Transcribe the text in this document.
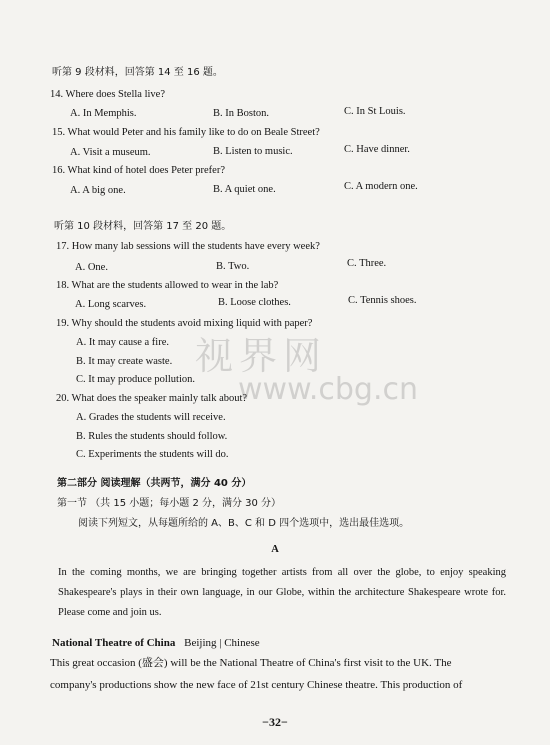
听第 9 段材料，回答第 14 至 16 题。
14. Where does Stella live?
A. In Memphis.	B. In Boston.	C. In St Louis.
15. What would Peter and his family like to do on Beale Street?
A. Visit a museum.	B. Listen to music.	C. Have dinner.
16. What kind of hotel does Peter prefer?
A. A big one.	B. A quiet one.	C. A modern one.
听第 10 段材料，回答第 17 至 20 题。
17. How many lab sessions will the students have every week?
A. One.	B. Two.	C. Three.
18. What are the students allowed to wear in the lab?
A. Long scarves.	B. Loose clothes.	C. Tennis shoes.
19. Why should the students avoid mixing liquid with paper?
A. It may cause a fire.
B. It may create waste.
C. It may produce pollution.
20. What does the speaker mainly talk about?
A. Grades the students will receive.
B. Rules the students should follow.
C. Experiments the students will do.
第二部分 阅读理解（共两节，满分 40 分）
第一节 （共 15 小题；每小题 2 分，满分 30 分）
阅读下列短文，从每题所给的 A、B、C 和 D 四个选项中，选出最佳选项。
A
In the coming months, we are bringing together artists from all over the globe, to enjoy speaking Shakespeare's plays in their own language, in our Globe, within the architecture Shakespeare wrote for. Please come and join us.
National Theatre of China Beijing | Chinese
This great occasion (盛会) will be the National Theatre of China's first visit to the UK. The
company's productions show the new face of 21st century Chinese theatre. This production of
视界网
www.cbg.cn
−32−
